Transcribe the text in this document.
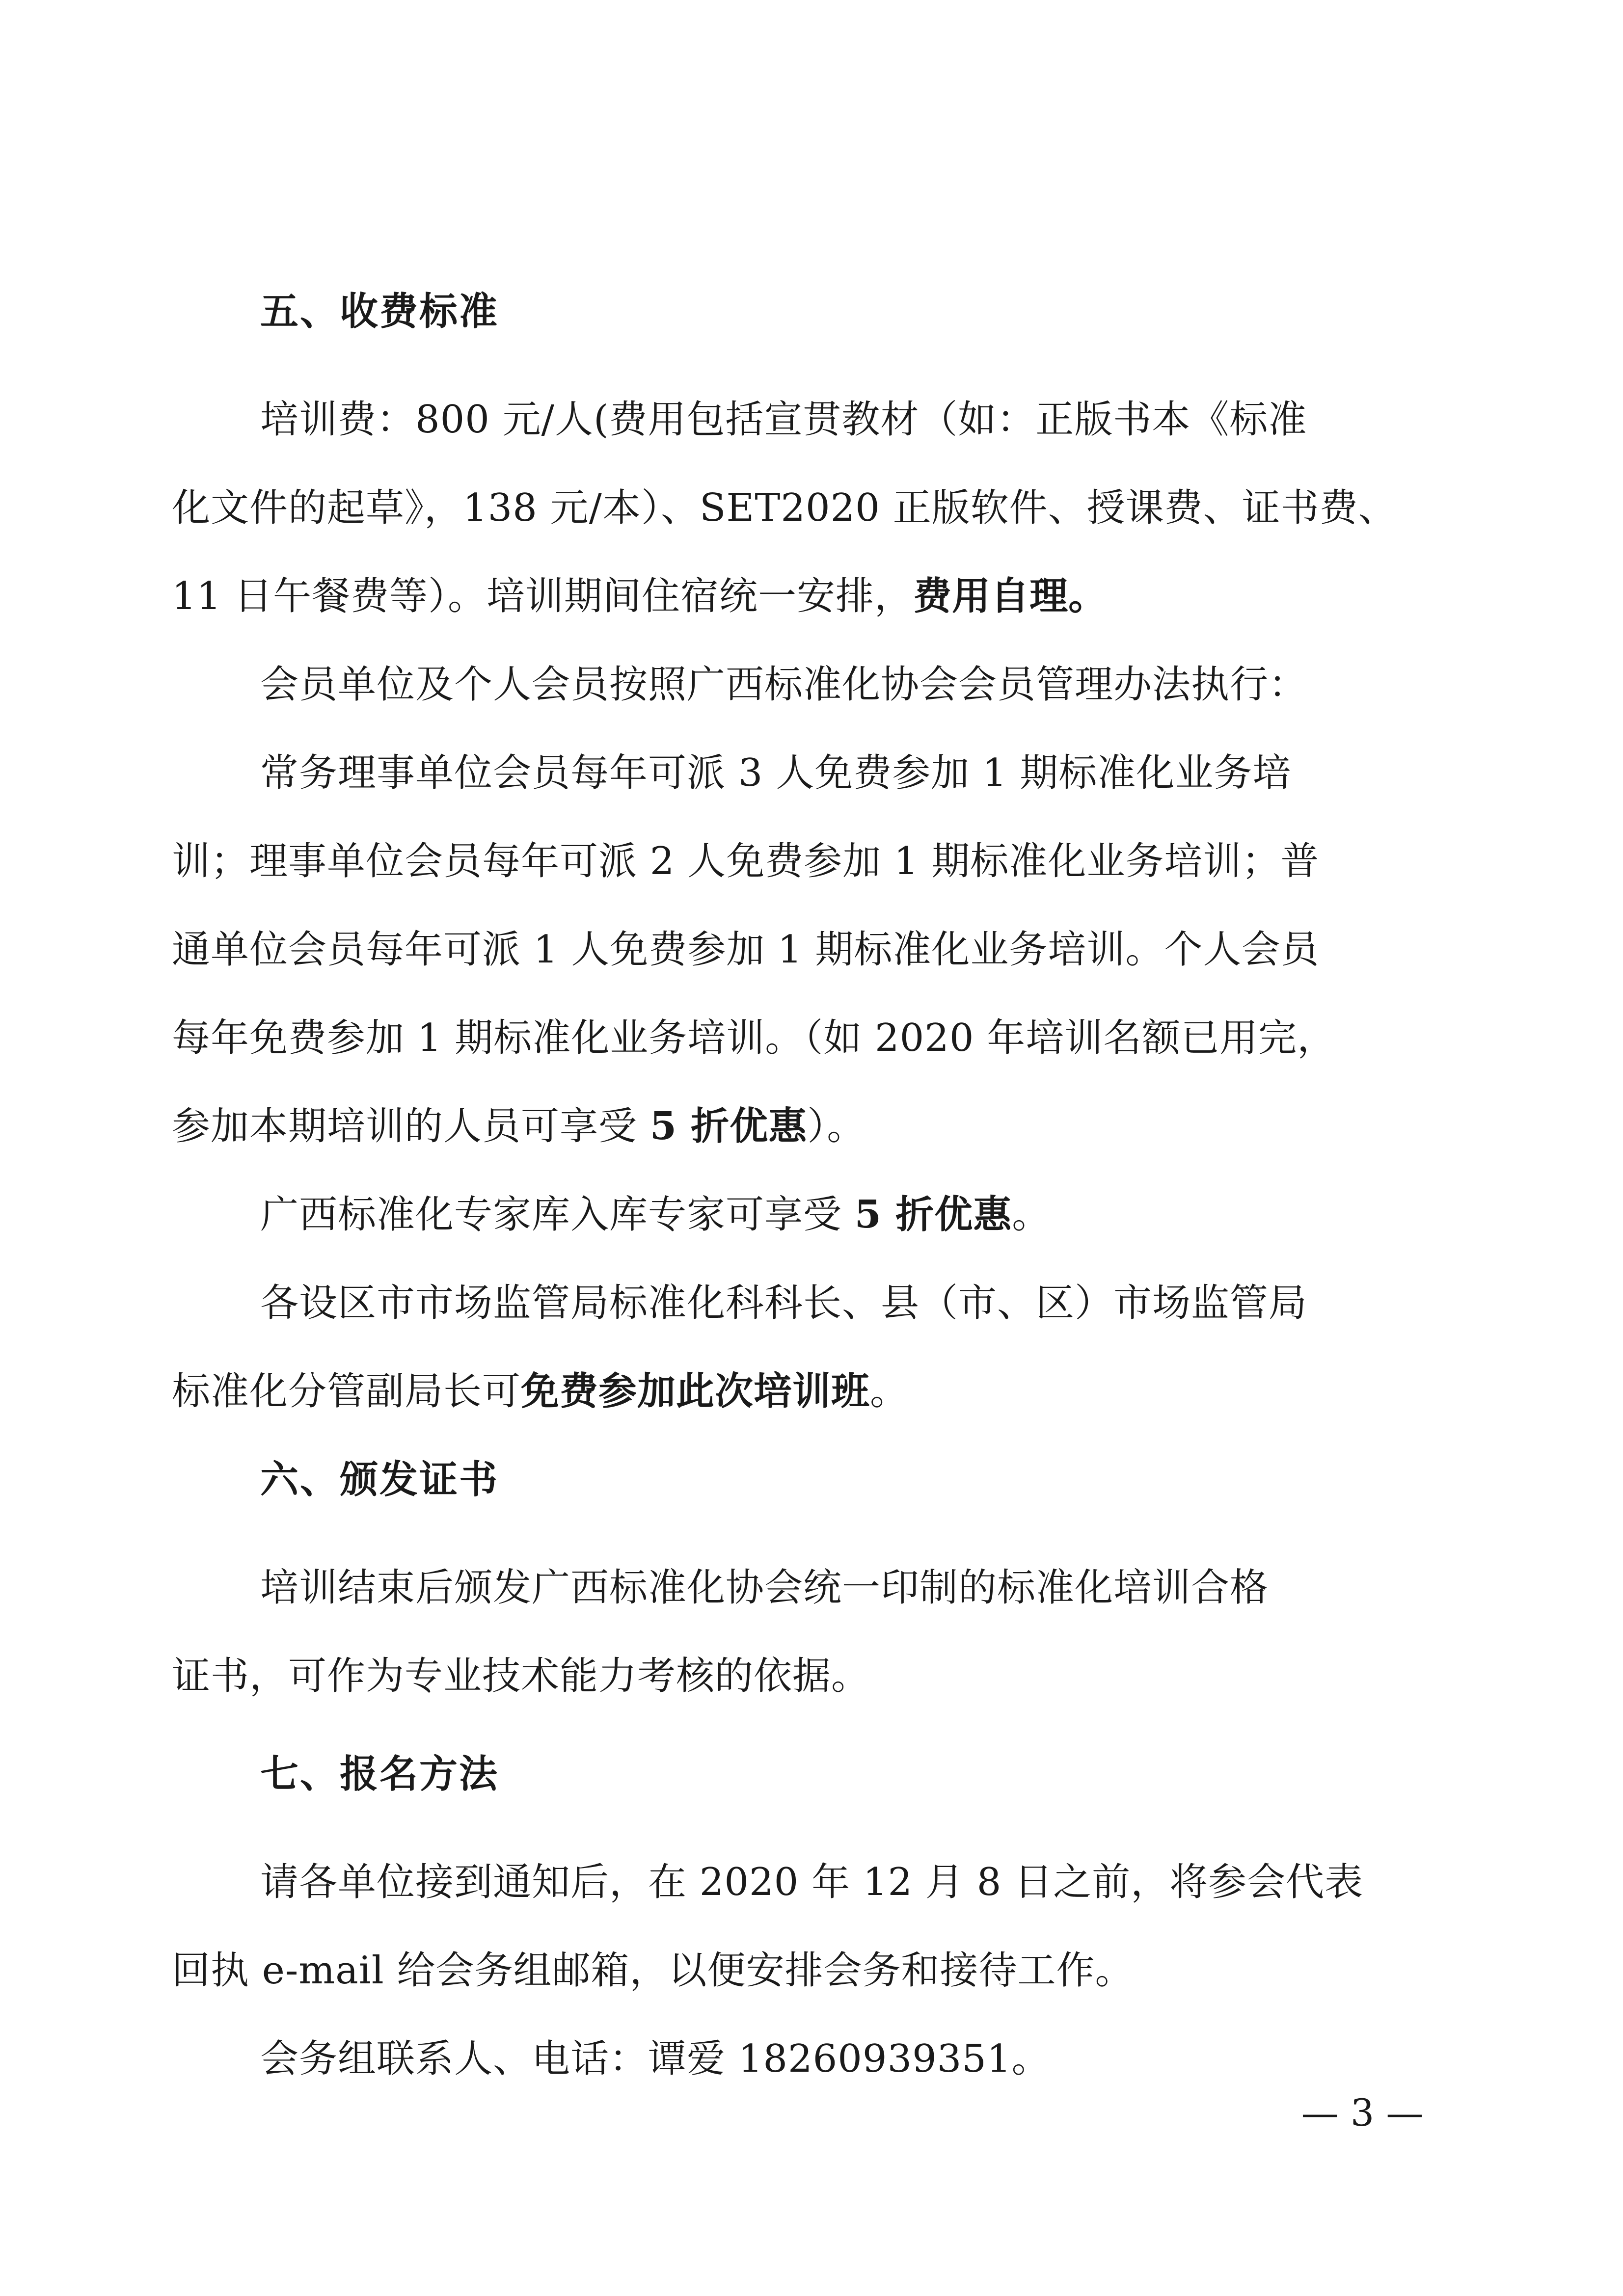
五、收费标准
培训费：800 元/人(费用包括宣贯教材（如：正版书本《标准
化文件的起草》，138 元/本）、SET2020 正版软件、授课费、证书费、
11 日午餐费等）。培训期间住宿统一安排，费用自理。
会员单位及个人会员按照广西标准化协会会员管理办法执行：
常务理事单位会员每年可派 3 人免费参加 1 期标准化业务培
训；理事单位会员每年可派 2 人免费参加 1 期标准化业务培训；普
通单位会员每年可派 1 人免费参加 1 期标准化业务培训。个人会员
每年免费参加 1 期标准化业务培训。（如 2020 年培训名额已用完，
参加本期培训的人员可享受 5 折优惠）。
广西标准化专家库入库专家可享受 5 折优惠。
各设区市市场监管局标准化科科长、县（市、区）市场监管局
标准化分管副局长可免费参加此次培训班。
六、颁发证书
培训结束后颁发广西标准化协会统一印制的标准化培训合格
证书，可作为专业技术能力考核的依据。
七、报名方法
请各单位接到通知后，在 2020 年 12 月 8 日之前，将参会代表
回执 e-mail 给会务组邮箱，以便安排会务和接待工作。
会务组联系人、电话：谭爱 18260939351。
— 3 —
